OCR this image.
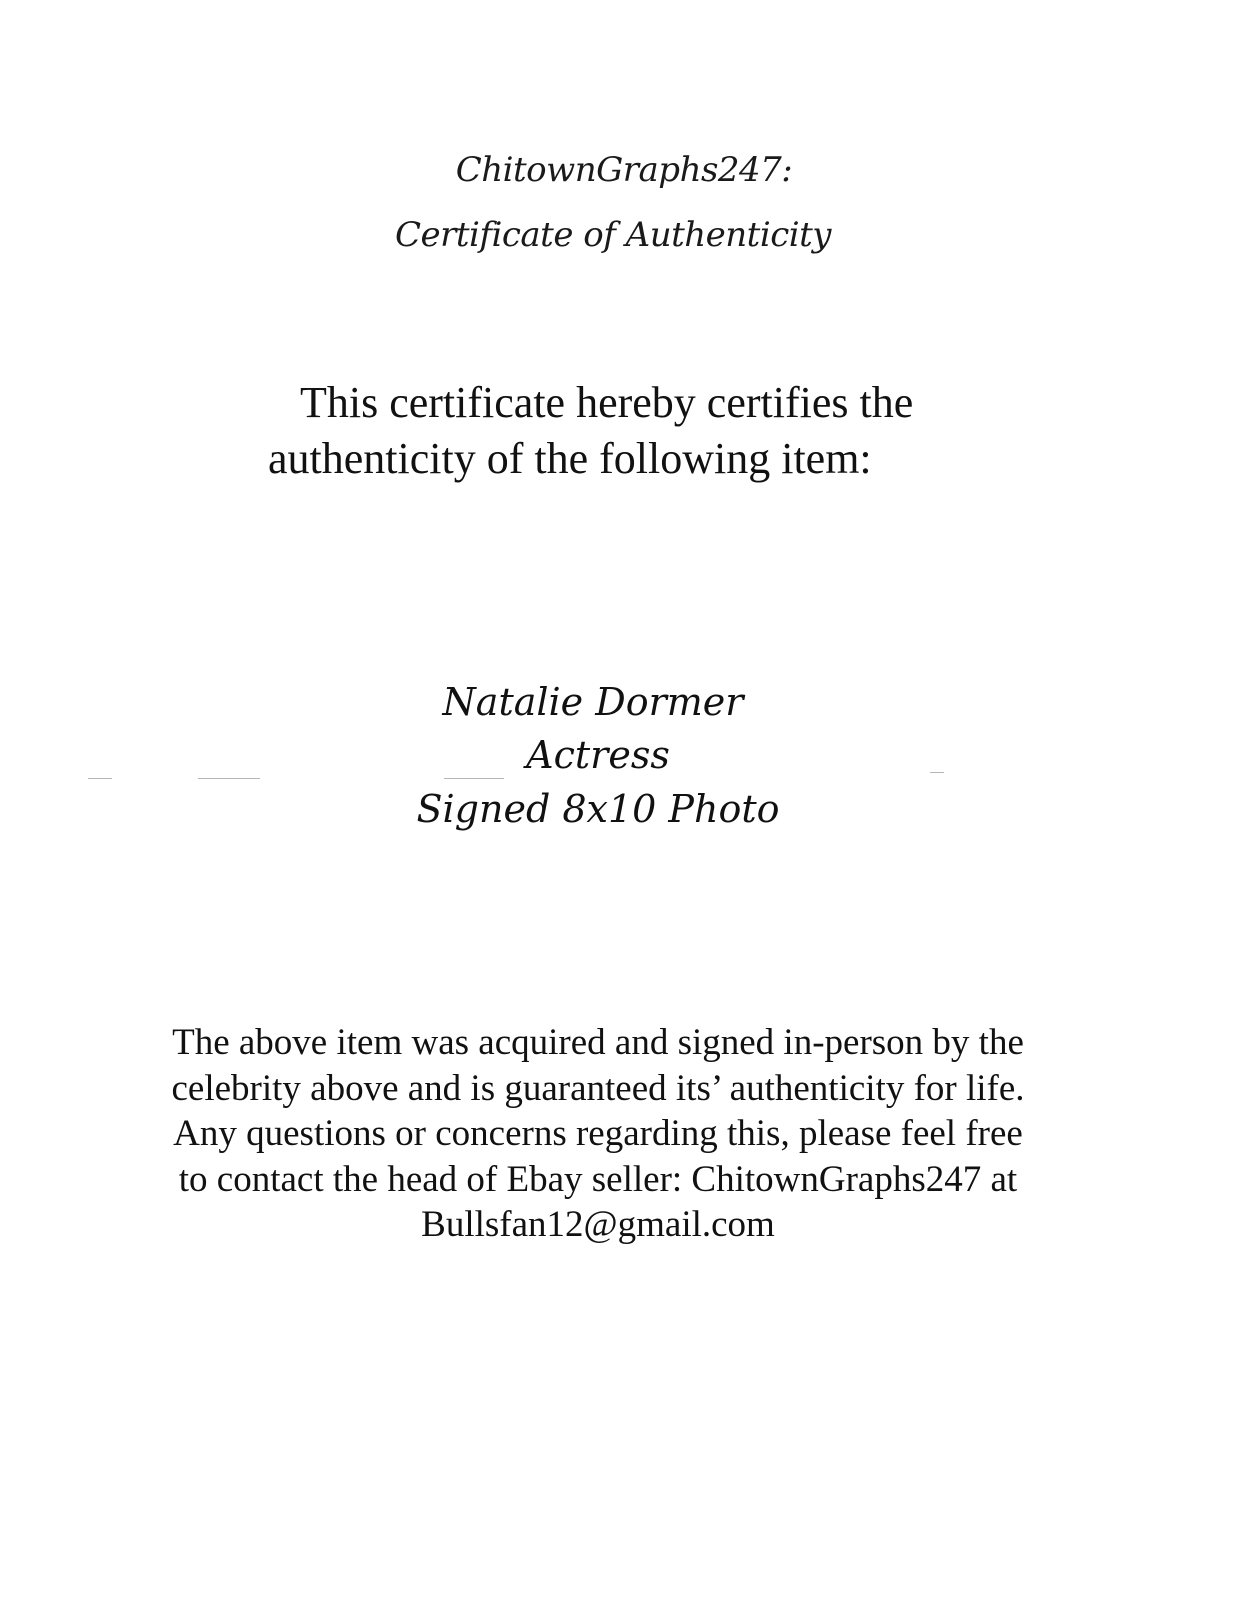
ChitownGraphs247:
Certificate of Authenticity
This certificate hereby certifies the
authenticity of the following item:
Natalie Dormer
Actress
Signed 8x10 Photo
The above item was acquired and signed in-person by the
celebrity above and is guaranteed its’ authenticity for life.
Any questions or concerns regarding this, please feel free
to contact the head of Ebay seller: ChitownGraphs247 at
Bullsfan12@gmail.com
